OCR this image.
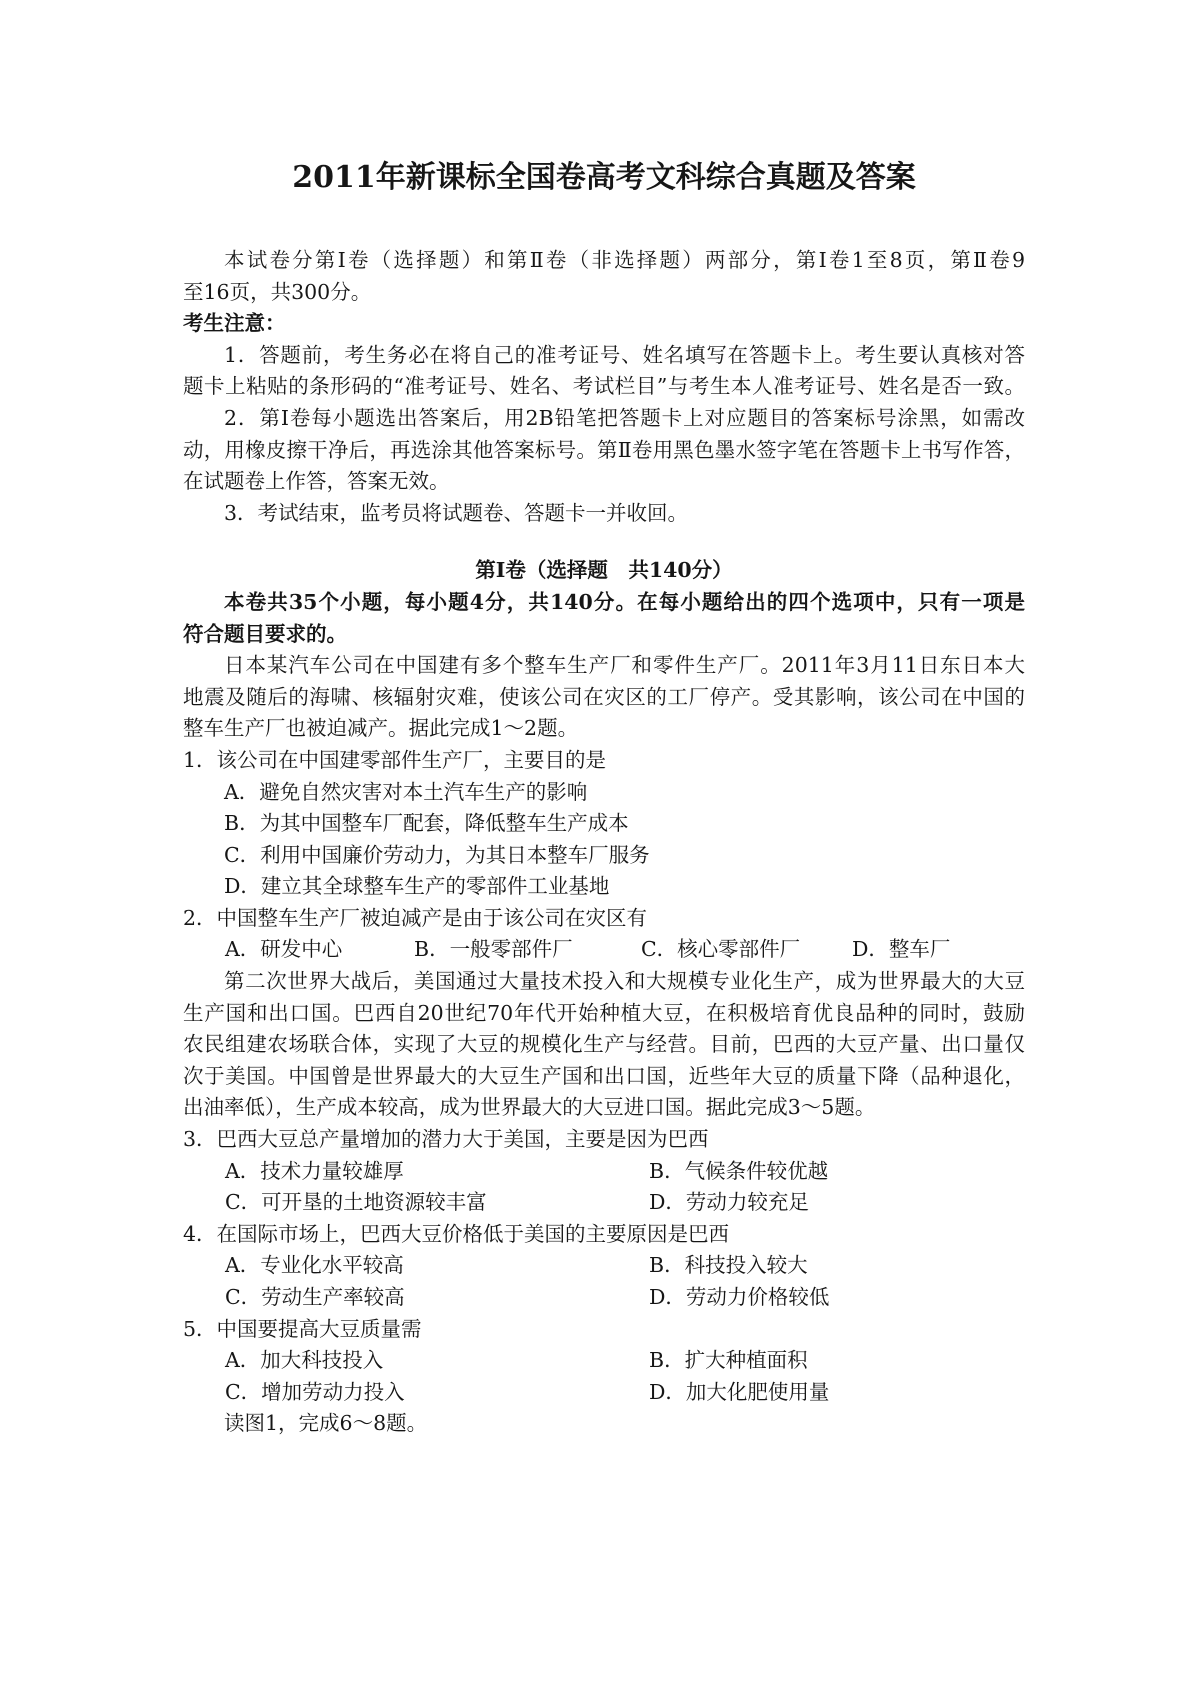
2011年新课标全国卷高考文科综合真题及答案
本试卷分第Ⅰ卷（选择题）和第Ⅱ卷（非选择题）两部分，第Ⅰ卷1至8页，第Ⅱ卷9
至16页，共300分。
考生注意：
1．答题前，考生务必在将自己的准考证号、姓名填写在答题卡上。考生要认真核对答
题卡上粘贴的条形码的“准考证号、姓名、考试栏目”与考生本人准考证号、姓名是否一致。
2．第Ⅰ卷每小题选出答案后，用2B铅笔把答题卡上对应题目的答案标号涂黑，如需改
动，用橡皮擦干净后，再选涂其他答案标号。第Ⅱ卷用黑色墨水签字笔在答题卡上书写作答，
在试题卷上作答，答案无效。
3．考试结束，监考员将试题卷、答题卡一并收回。
第Ⅰ卷（选择题　共140分）
本卷共35个小题，每小题4分，共140分。在每小题给出的四个选项中，只有一项是
符合题目要求的。
日本某汽车公司在中国建有多个整车生产厂和零件生产厂。2011年3月11日东日本大
地震及随后的海啸、核辐射灾难，使该公司在灾区的工厂停产。受其影响，该公司在中国的
整车生产厂也被迫减产。据此完成1～2题。
1．该公司在中国建零部件生产厂，主要目的是
A．避免自然灾害对本土汽车生产的影响
B．为其中国整车厂配套，降低整车生产成本
C．利用中国廉价劳动力，为其日本整车厂服务
D．建立其全球整车生产的零部件工业基地
2．中国整车生产厂被迫减产是由于该公司在灾区有
A．研发中心	B．一般零部件厂	C．核心零部件厂	D．整车厂
第二次世界大战后，美国通过大量技术投入和大规模专业化生产，成为世界最大的大豆
生产国和出口国。巴西自20世纪70年代开始种植大豆，在积极培育优良品种的同时，鼓励
农民组建农场联合体，实现了大豆的规模化生产与经营。目前，巴西的大豆产量、出口量仅
次于美国。中国曾是世界最大的大豆生产国和出口国，近些年大豆的质量下降（品种退化，
出油率低），生产成本较高，成为世界最大的大豆进口国。据此完成3～5题。
3．巴西大豆总产量增加的潜力大于美国，主要是因为巴西
A．技术力量较雄厚	B．气候条件较优越
C．可开垦的土地资源较丰富	D．劳动力较充足
4．在国际市场上，巴西大豆价格低于美国的主要原因是巴西
A．专业化水平较高	B．科技投入较大
C．劳动生产率较高	D．劳动力价格较低
5．中国要提高大豆质量需
A．加大科技投入	B．扩大种植面积
C．增加劳动力投入	D．加大化肥使用量
读图1，完成6～8题。
